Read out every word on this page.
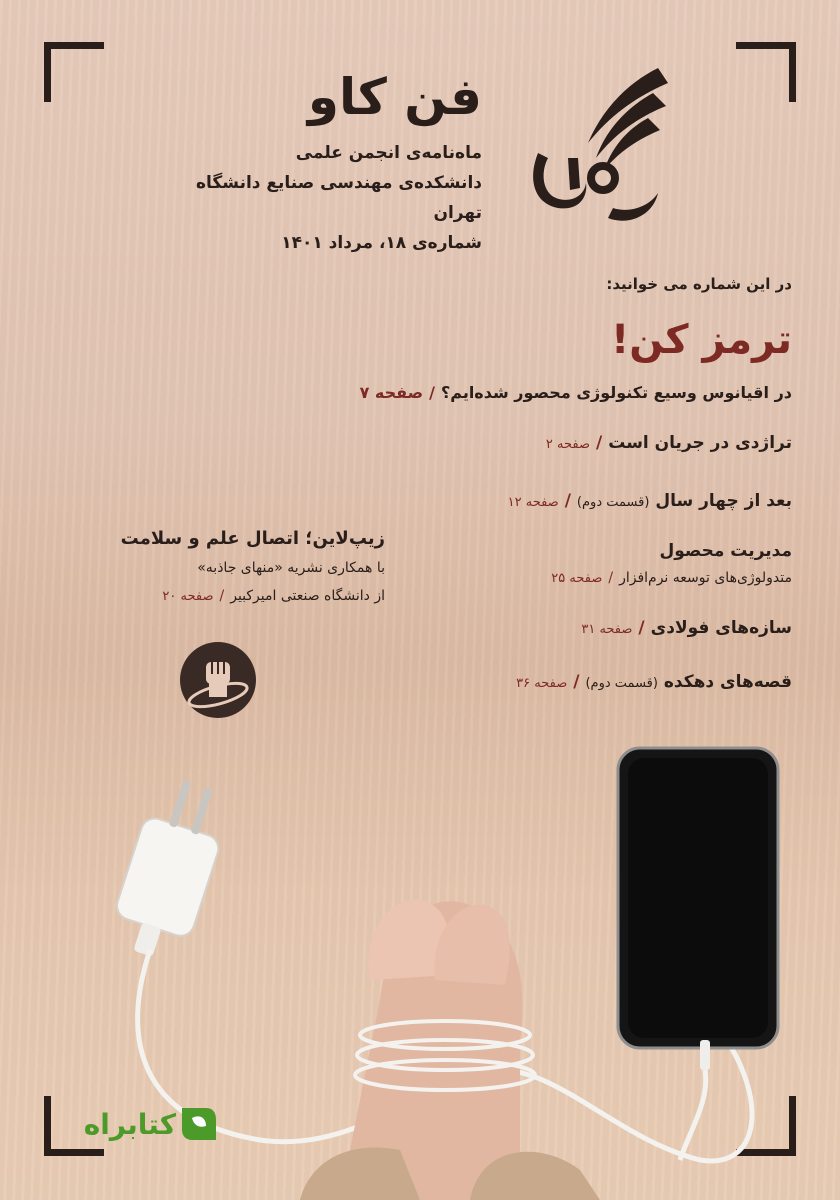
فن کاو
ماه‌نامه‌ی انجمن علمی
دانشکده‌ی مهندسی صنایع دانشگاه تهران
شماره‌ی ۱۸، مرداد ۱۴۰۱
در این شماره می خوانید:
ترمز کن!
در اقیانوس وسیع تکنولوژی محصور شده‌ایم؟/صفحه ۷
تراژدی در جریان است/صفحه ۲
بعد از چهار سال (قسمت دوم)/صفحه ۱۲
مدیریت محصول
متدولوژی‌های توسعه نرم‌افزار/صفحه ۲۵
سازه‌های فولادی/صفحه ۳۱
قصه‌های دهکده (قسمت دوم)/صفحه ۳۶
زیپ‌لاین؛ اتصال علم و سلامت
با همکاری نشریه «منهای جاذبه»
از دانشگاه صنعتی امیرکبیر/صفحه ۲۰
کتابراه
